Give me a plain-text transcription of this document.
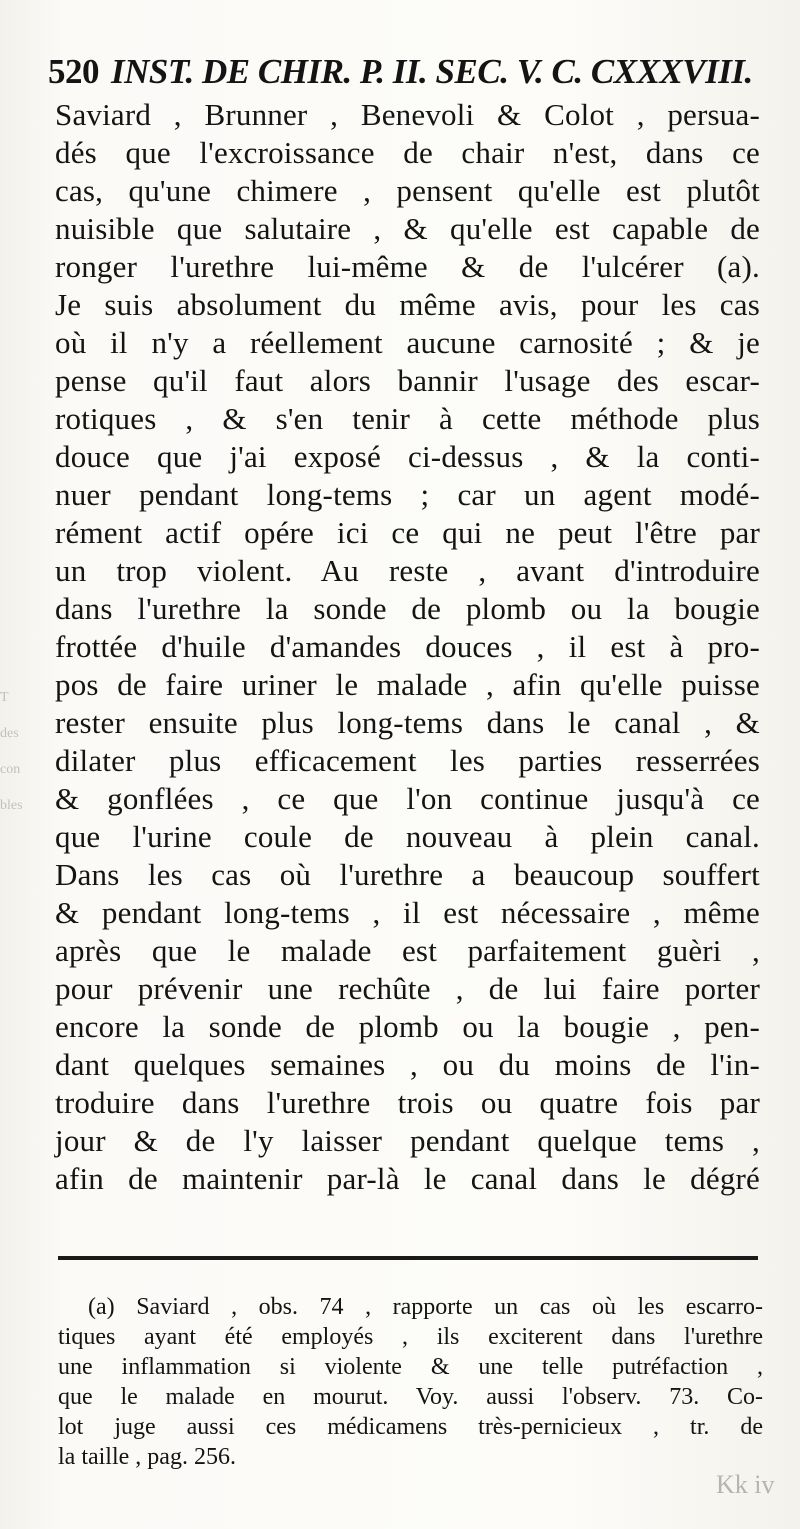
T
des
con
bles
520 INST. DE CHIR. P. II. SEC. V. C. CXXXVIII.
Saviard , Brunner , Benevoli & Colot , persua-
dés que l'excroissance de chair n'est, dans ce
cas, qu'une chimere , pensent qu'elle est plutôt
nuisible que salutaire , & qu'elle est capable de
ronger l'urethre lui-même & de l'ulcérer (a).
Je suis absolument du même avis, pour les cas
où il n'y a réellement aucune carnosité ; & je
pense qu'il faut alors bannir l'usage des escar-
rotiques , & s'en tenir à cette méthode plus
douce que j'ai exposé ci-dessus , & la conti-
nuer pendant long-tems ; car un agent modé-
rément actif opére ici ce qui ne peut l'être par
un trop violent. Au reste , avant d'introduire
dans l'urethre la sonde de plomb ou la bougie
frottée d'huile d'amandes douces , il est à pro-
pos de faire uriner le malade , afin qu'elle puisse
rester ensuite plus long-tems dans le canal , &
dilater plus efficacement les parties resserrées
& gonflées , ce que l'on continue jusqu'à ce
que l'urine coule de nouveau à plein canal.
Dans les cas où l'urethre a beaucoup souffert
& pendant long-tems , il est nécessaire , même
après que le malade est parfaitement guèri ,
pour prévenir une rechûte , de lui faire porter
encore la sonde de plomb ou la bougie , pen-
dant quelques semaines , ou du moins de l'in-
troduire dans l'urethre trois ou quatre fois par
jour & de l'y laisser pendant quelque tems ,
afin de maintenir par-là le canal dans le dégré
(a) Saviard , obs. 74 , rapporte un cas où les escarro-
tiques ayant été employés , ils exciterent dans l'urethre
une inflammation si violente & une telle putréfaction ,
que le malade en mourut. Voy. aussi l'observ. 73. Co-
lot juge aussi ces médicamens très-pernicieux , tr. de
la taille , pag. 256.
Kk iv
